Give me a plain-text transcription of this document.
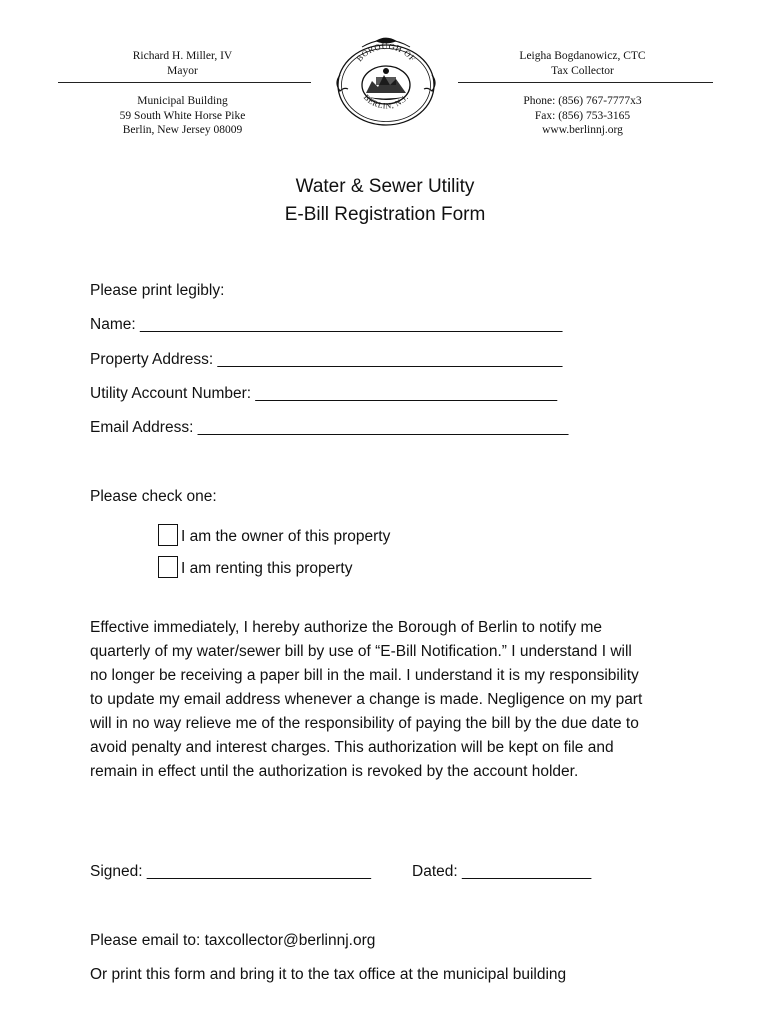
Richard H. Miller, IV
Mayor
Municipal Building
59 South White Horse Pike
Berlin, New Jersey 08009
BOROUGH OF
BERLIN, N.J.
Leigha Bogdanowicz, CTC
Tax Collector
Phone: (856) 767-7777x3
Fax: (856) 753-3165
www.berlinnj.org
Water & Sewer Utility
E-Bill Registration Form
Please print legibly:
Name: _________________________________________________
Property Address: ________________________________________
Utility Account Number: ___________________________________
Email Address: ___________________________________________
Please check one:
I am the owner of this property
I am renting this property
Effective immediately, I hereby authorize the Borough of Berlin to notify me
quarterly of my water/sewer bill by use of “E-Bill Notification.” I understand I will
no longer be receiving a paper bill in the mail. I understand it is my responsibility
to update my email address whenever a change is made. Negligence on my part
will in no way relieve me of the responsibility of paying the bill by the due date to
avoid penalty and interest charges. This authorization will be kept on file and
remain in effect until the authorization is revoked by the account holder.
Signed: __________________________	Dated: _______________
Please email to: taxcollector@berlinnj.org
Or print this form and bring it to the tax office at the municipal building
